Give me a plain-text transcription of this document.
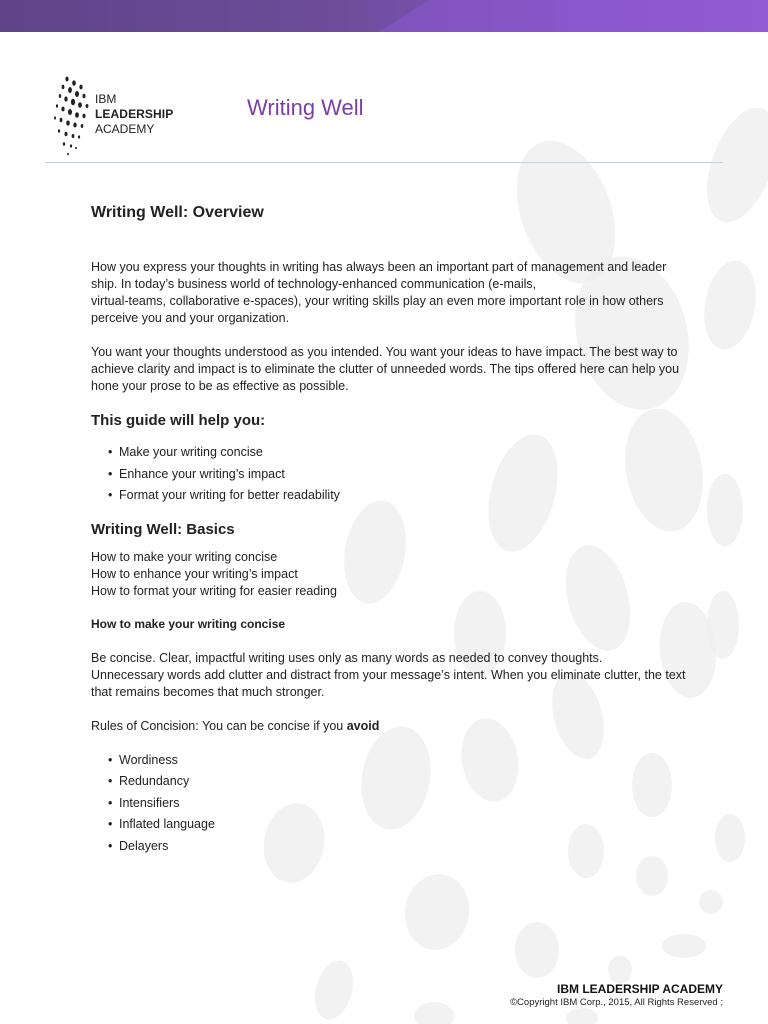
IBM
LEADERSHIP
ACADEMY
Writing Well
Writing Well: Overview

How you express your thoughts in writing has always been an important part of management and leader
ship. In today’s business world of technology-enhanced communication (e-mails,
virtual-teams, collaborative e-spaces), your writing skills play an even more important role in how others
perceive you and your organization.

You want your thoughts understood as you intended. You want your ideas to have impact. The best way to
achieve clarity and impact is to eliminate the clutter of unneeded words. The tips offered here can help you
hone your prose to be as effective as possible.

This guide will help you:
• Make your writing concise
• Enhance your writing’s impact
• Format your writing for better readability
Writing Well: Basics

How to make your writing concise
How to enhance your writing’s impact
How to format your writing for easier reading

How to make your writing concise

Be concise. Clear, impactful writing uses only as many words as needed to convey thoughts.
Unnecessary words add clutter and distract from your message’s intent. When you eliminate clutter, the text
that remains becomes that much stronger.

Rules of Concision: You can be concise if you avoid

• Wordiness
• Redundancy
• Intensifiers
• Inflated language
• Delayers
IBM LEADERSHIP ACADEMY
©Copyright IBM Corp., 2015, All Rights Reserved ;
